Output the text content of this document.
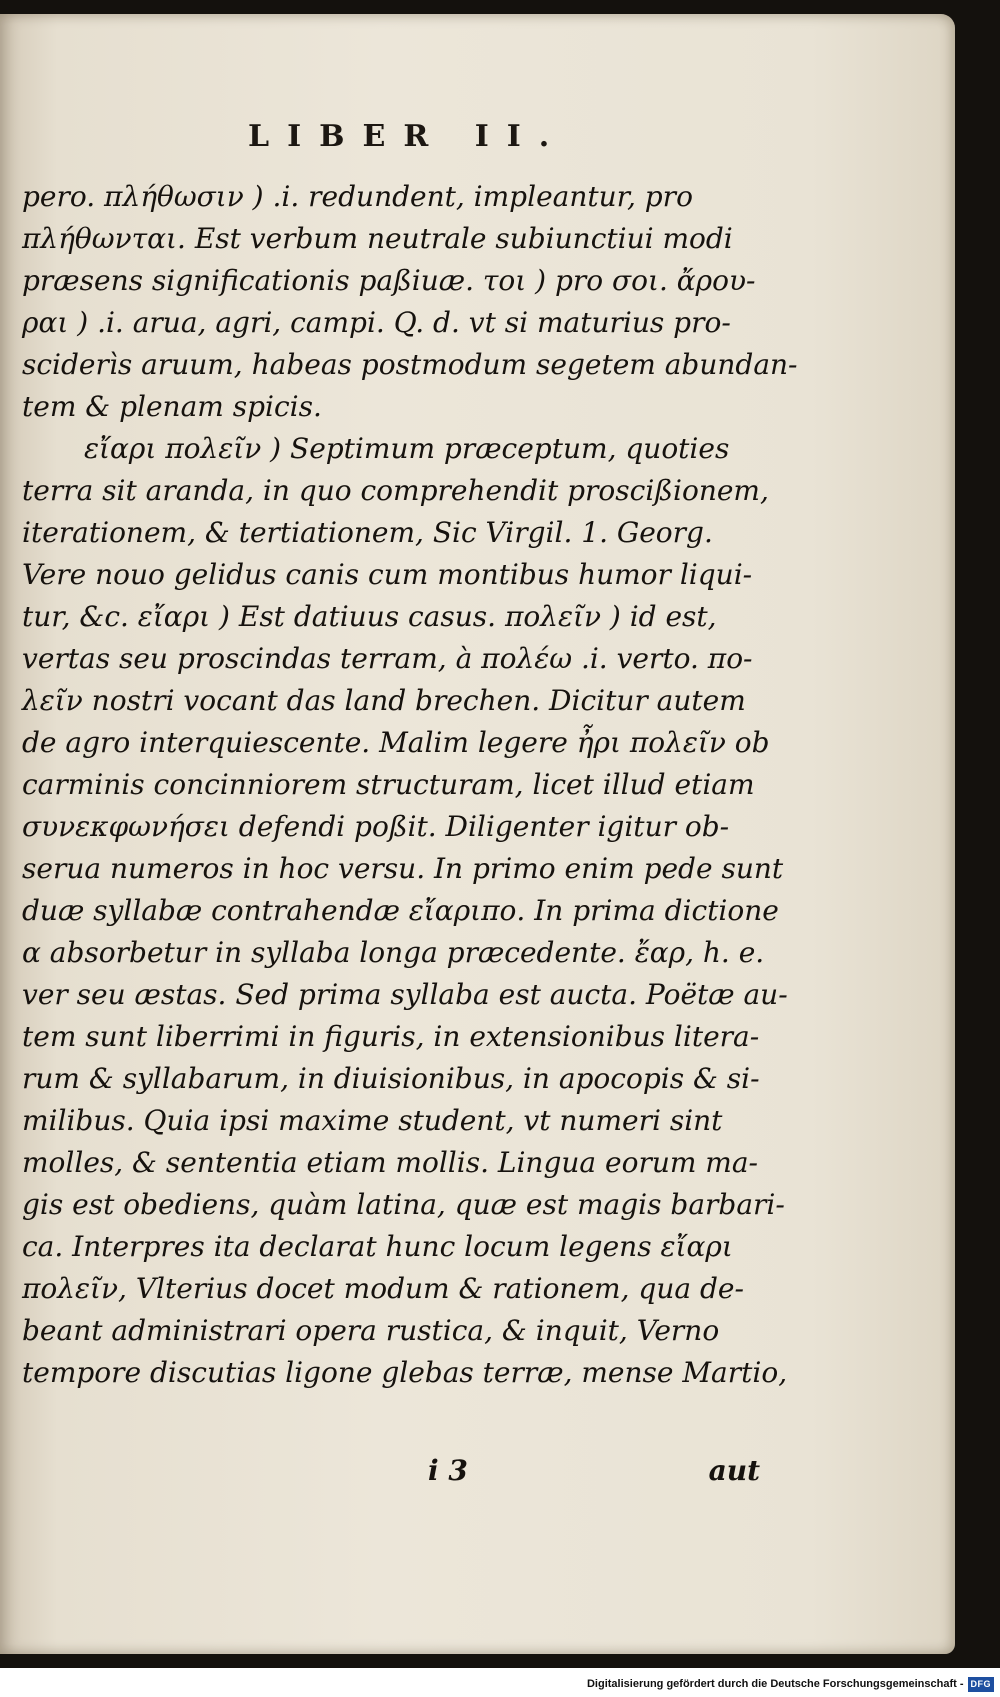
LIBER II.
pero. πλήθωσιν ) .i. redundent, impleantur, pro
πλήθωνται. Est verbum neutrale subiunctiui modi
præsens significationis paßiuæ. τοι ) pro σοι. ἄρου-
ραι ) .i. arua, agri, campi. Q. d. vt si maturius pro-
sciderìs aruum, habeas postmodum segetem abundan-
tem & plenam spicis.
εἴαρι πολεῖν ) Septimum præceptum, quoties
terra sit aranda, in quo comprehendit proscißionem,
iterationem, & tertiationem, Sic Virgil. 1. Georg.
Vere nouo gelidus canis cum montibus humor liqui-
tur, &c. εἴαρι ) Est datiuus casus. πολεῖν ) id est,
vertas seu proscindas terram, à πολέω .i. verto. πο-
λεῖν nostri vocant das land brechen. Dicitur autem
de agro interquiescente. Malim legere ἦρι πολεῖν ob
carminis concinniorem structuram, licet illud etiam
συνεκφωνήσει defendi poßit. Diligenter igitur ob-
serua numeros in hoc versu. In primo enim pede sunt
duæ syllabæ contrahendæ εἴαριπο. In prima dictione
α absorbetur in syllaba longa præcedente. ἔαρ, h. e.
ver seu æstas. Sed prima syllaba est aucta. Poëtæ au-
tem sunt liberrimi in figuris, in extensionibus litera-
rum & syllabarum, in diuisionibus, in apocopis & si-
milibus. Quia ipsi maxime student, vt numeri sint
molles, & sententia etiam mollis. Lingua eorum ma-
gis est obediens, quàm latina, quæ est magis barbari-
ca. Interpres ita declarat hunc locum legens εἴαρι
πολεῖν, Vlterius docet modum & rationem, qua de-
beant administrari opera rustica, & inquit, Verno
tempore discutias ligone glebas terræ, mense Martio,
i 3	aut
Digitalisierung gefördert durch die Deutsche Forschungsgemeinschaft - DFG
